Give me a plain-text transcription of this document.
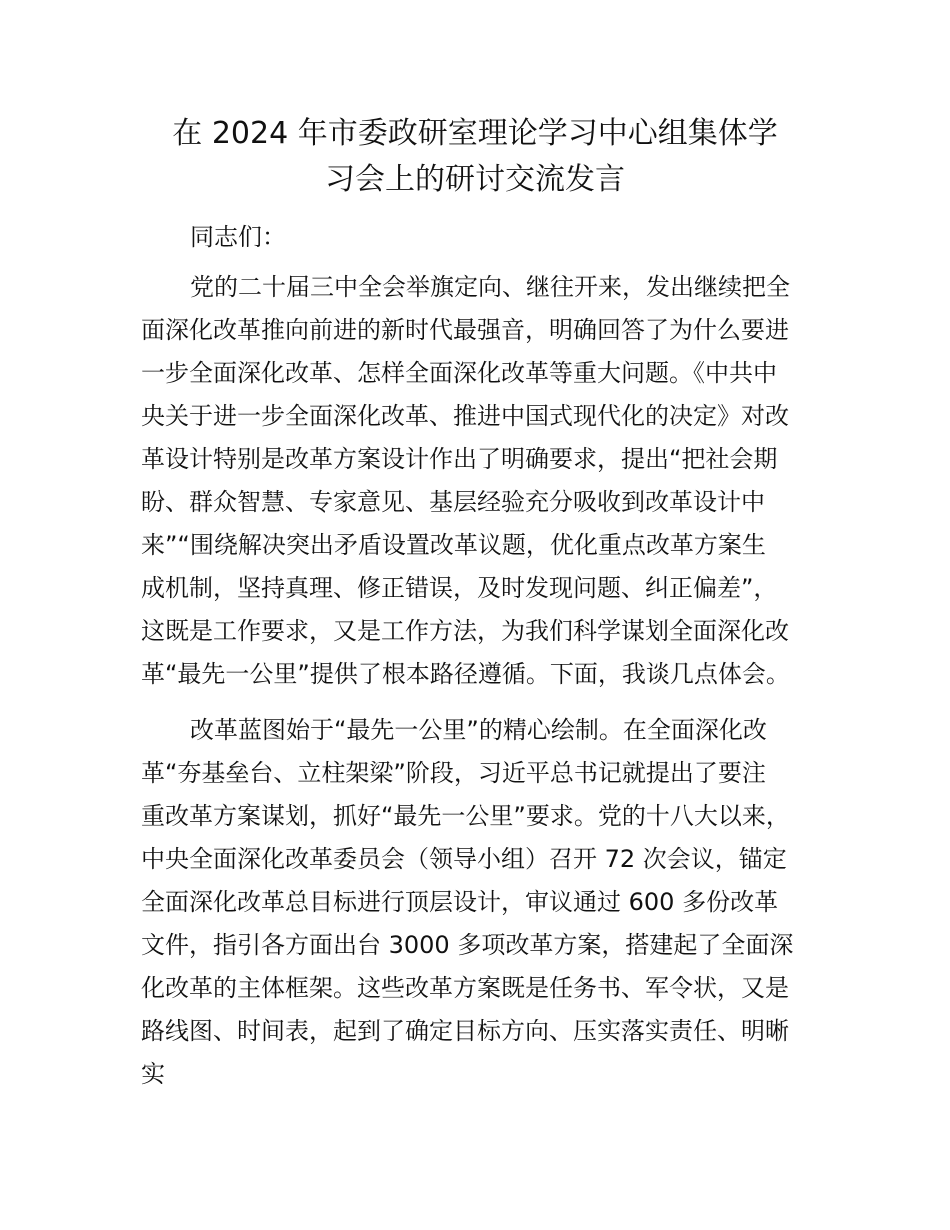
在 2024 年市委政研室理论学习中心组集体学
习会上的研讨交流发言
同志们：
党的二十届三中全会举旗定向、继往开来，发出继续把全
面深化改革推向前进的新时代最强音，明确回答了为什么要进
一步全面深化改革、怎样全面深化改革等重大问题。《中共中
央关于进一步全面深化改革、推进中国式现代化的决定》对改
革设计特别是改革方案设计作出了明确要求，提出“把社会期
盼、群众智慧、专家意见、基层经验充分吸收到改革设计中
来”“围绕解决突出矛盾设置改革议题，优化重点改革方案生
成机制，坚持真理、修正错误，及时发现问题、纠正偏差”，
这既是工作要求，又是工作方法，为我们科学谋划全面深化改
革“最先一公里”提供了根本路径遵循。下面，我谈几点体会。
改革蓝图始于“最先一公里”的精心绘制。在全面深化改
革“夯基垒台、立柱架梁”阶段，习近平总书记就提出了要注
重改革方案谋划，抓好“最先一公里”要求。党的十八大以来，
中央全面深化改革委员会（领导小组）召开 72 次会议，锚定
全面深化改革总目标进行顶层设计，审议通过 600 多份改革
文件，指引各方面出台 3000 多项改革方案，搭建起了全面深
化改革的主体框架。这些改革方案既是任务书、军令状，又是
路线图、时间表，起到了确定目标方向、压实落实责任、明晰
实
